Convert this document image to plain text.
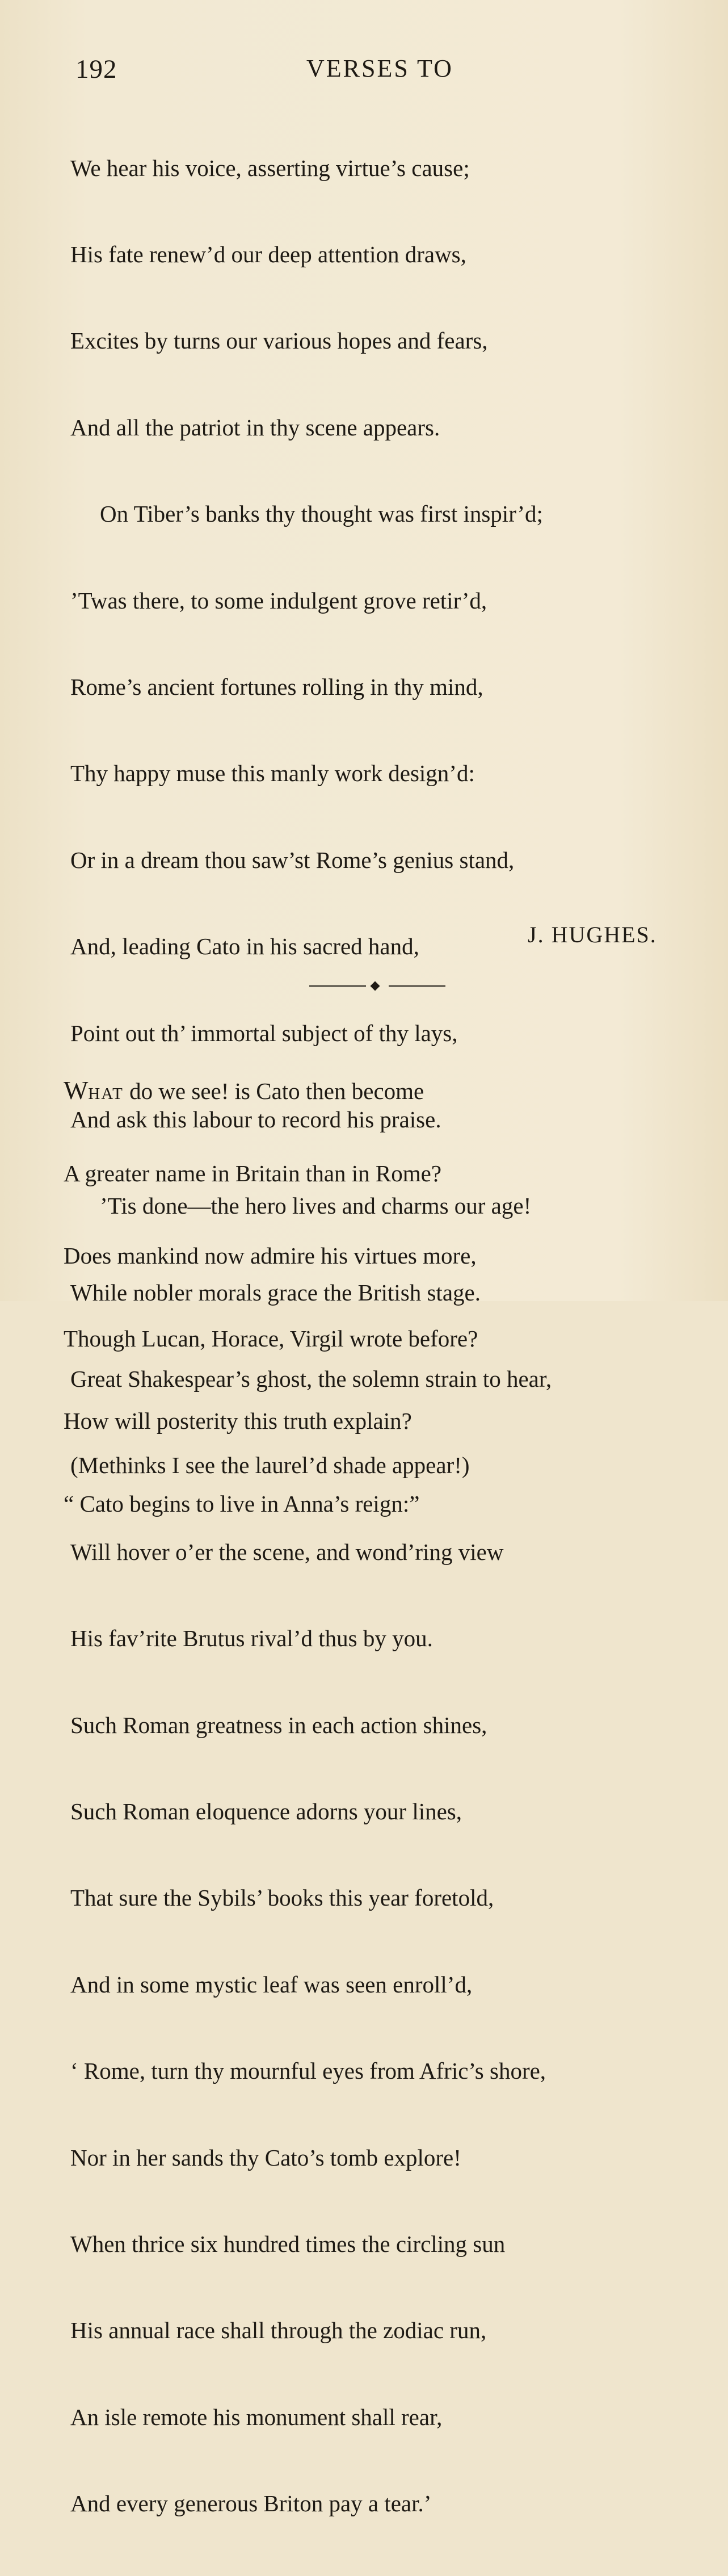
192	VERSES TO

We hear his voice, asserting virtue’s cause;

His fate renew’d our deep attention draws,

Excites by turns our various hopes and fears,

And all the patriot in thy scene appears.

On Tiber’s banks thy thought was first inspir’d;

’Twas there, to some indulgent grove retir’d,

Rome’s ancient fortunes rolling in thy mind,

Thy happy muse this manly work design’d:

Or in a dream thou saw’st Rome’s genius stand,

And, leading Cato in his sacred hand,

Point out th’ immortal subject of thy lays,

And ask this labour to record his praise.

’Tis done—the hero lives and charms our age!

While nobler morals grace the British stage.

Great Shakespear’s ghost, the solemn strain to hear,

(Methinks I see the laurel’d shade appear!)

Will hover o’er the scene, and wond’ring view

His fav’rite Brutus rival’d thus by you.

Such Roman greatness in each action shines,

Such Roman eloquence adorns your lines,

That sure the Sybils’ books this year foretold,

And in some mystic leaf was seen enroll’d,

‘ Rome, turn thy mournful eyes from Afric’s shore,

Nor in her sands thy Cato’s tomb explore!

When thrice six hundred times the circling sun

His annual race shall through the zodiac run,

An isle remote his monument shall rear,

And every generous Briton pay a tear.’

J. HUGHES.

What do we see! is Cato then become

A greater name in Britain than in Rome?

Does mankind now admire his virtues more,

Though Lucan, Horace, Virgil wrote before?

How will posterity this truth explain?

“ Cato begins to live in Anna’s reign:”
